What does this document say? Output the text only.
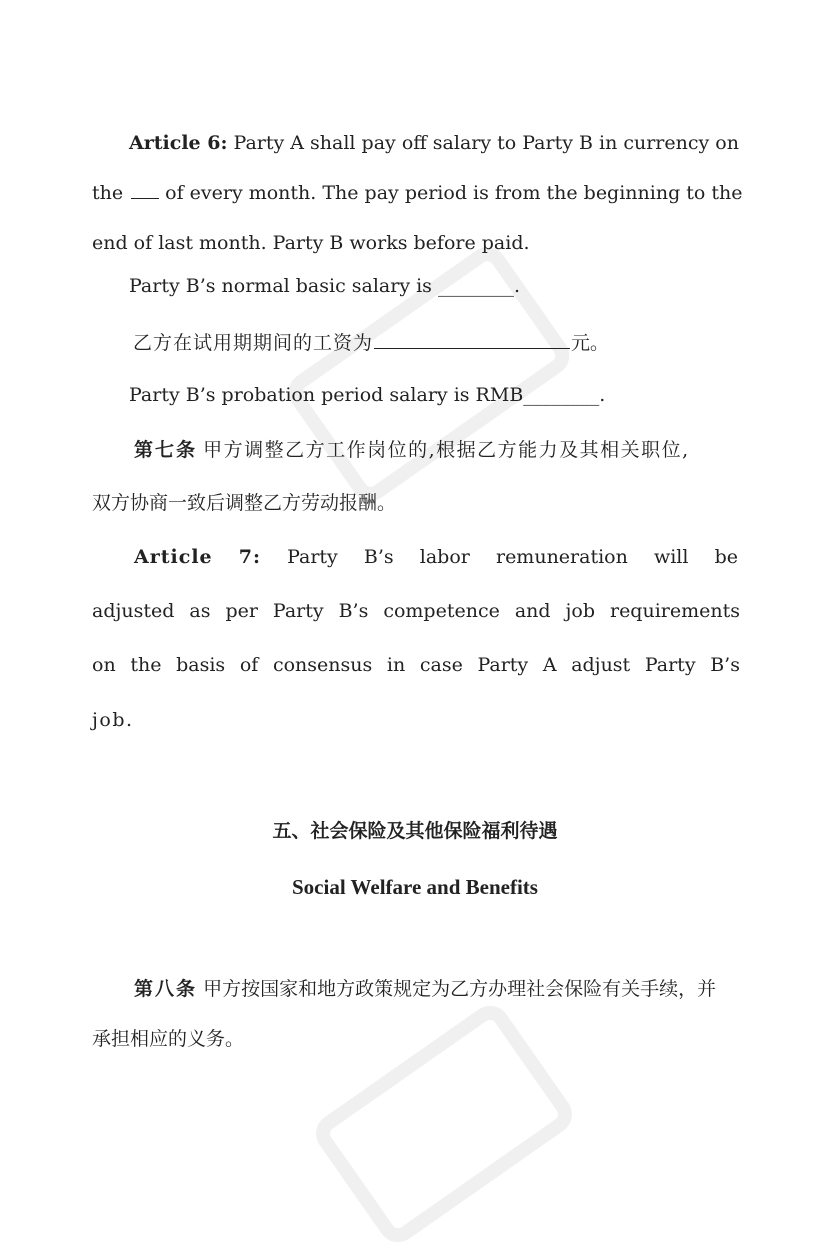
Article 6: Party A shall pay off salary to Party B in currency on
the of every month. The pay period is from the beginning to the
end of last month. Party B works before paid.
Party B’s normal basic salary is ________.
乙方在试用期期间的工资为	元。
Party B’s probation period salary is RMB________.
第七条 甲方调整乙方工作岗位的,根据乙方能力及其相关职位,
双方协商一致后调整乙方劳动报酬。
Article 7: Party B’s labor remuneration will be
adjusted as per Party B’s competence and job requirements
on the basis of consensus in case Party A adjust Party B’s
job.
五、社会保险及其他保险福利待遇
Social Welfare and Benefits
第八条 甲方按国家和地方政策规定为乙方办理社会保险有关手续，并
承担相应的义务。
